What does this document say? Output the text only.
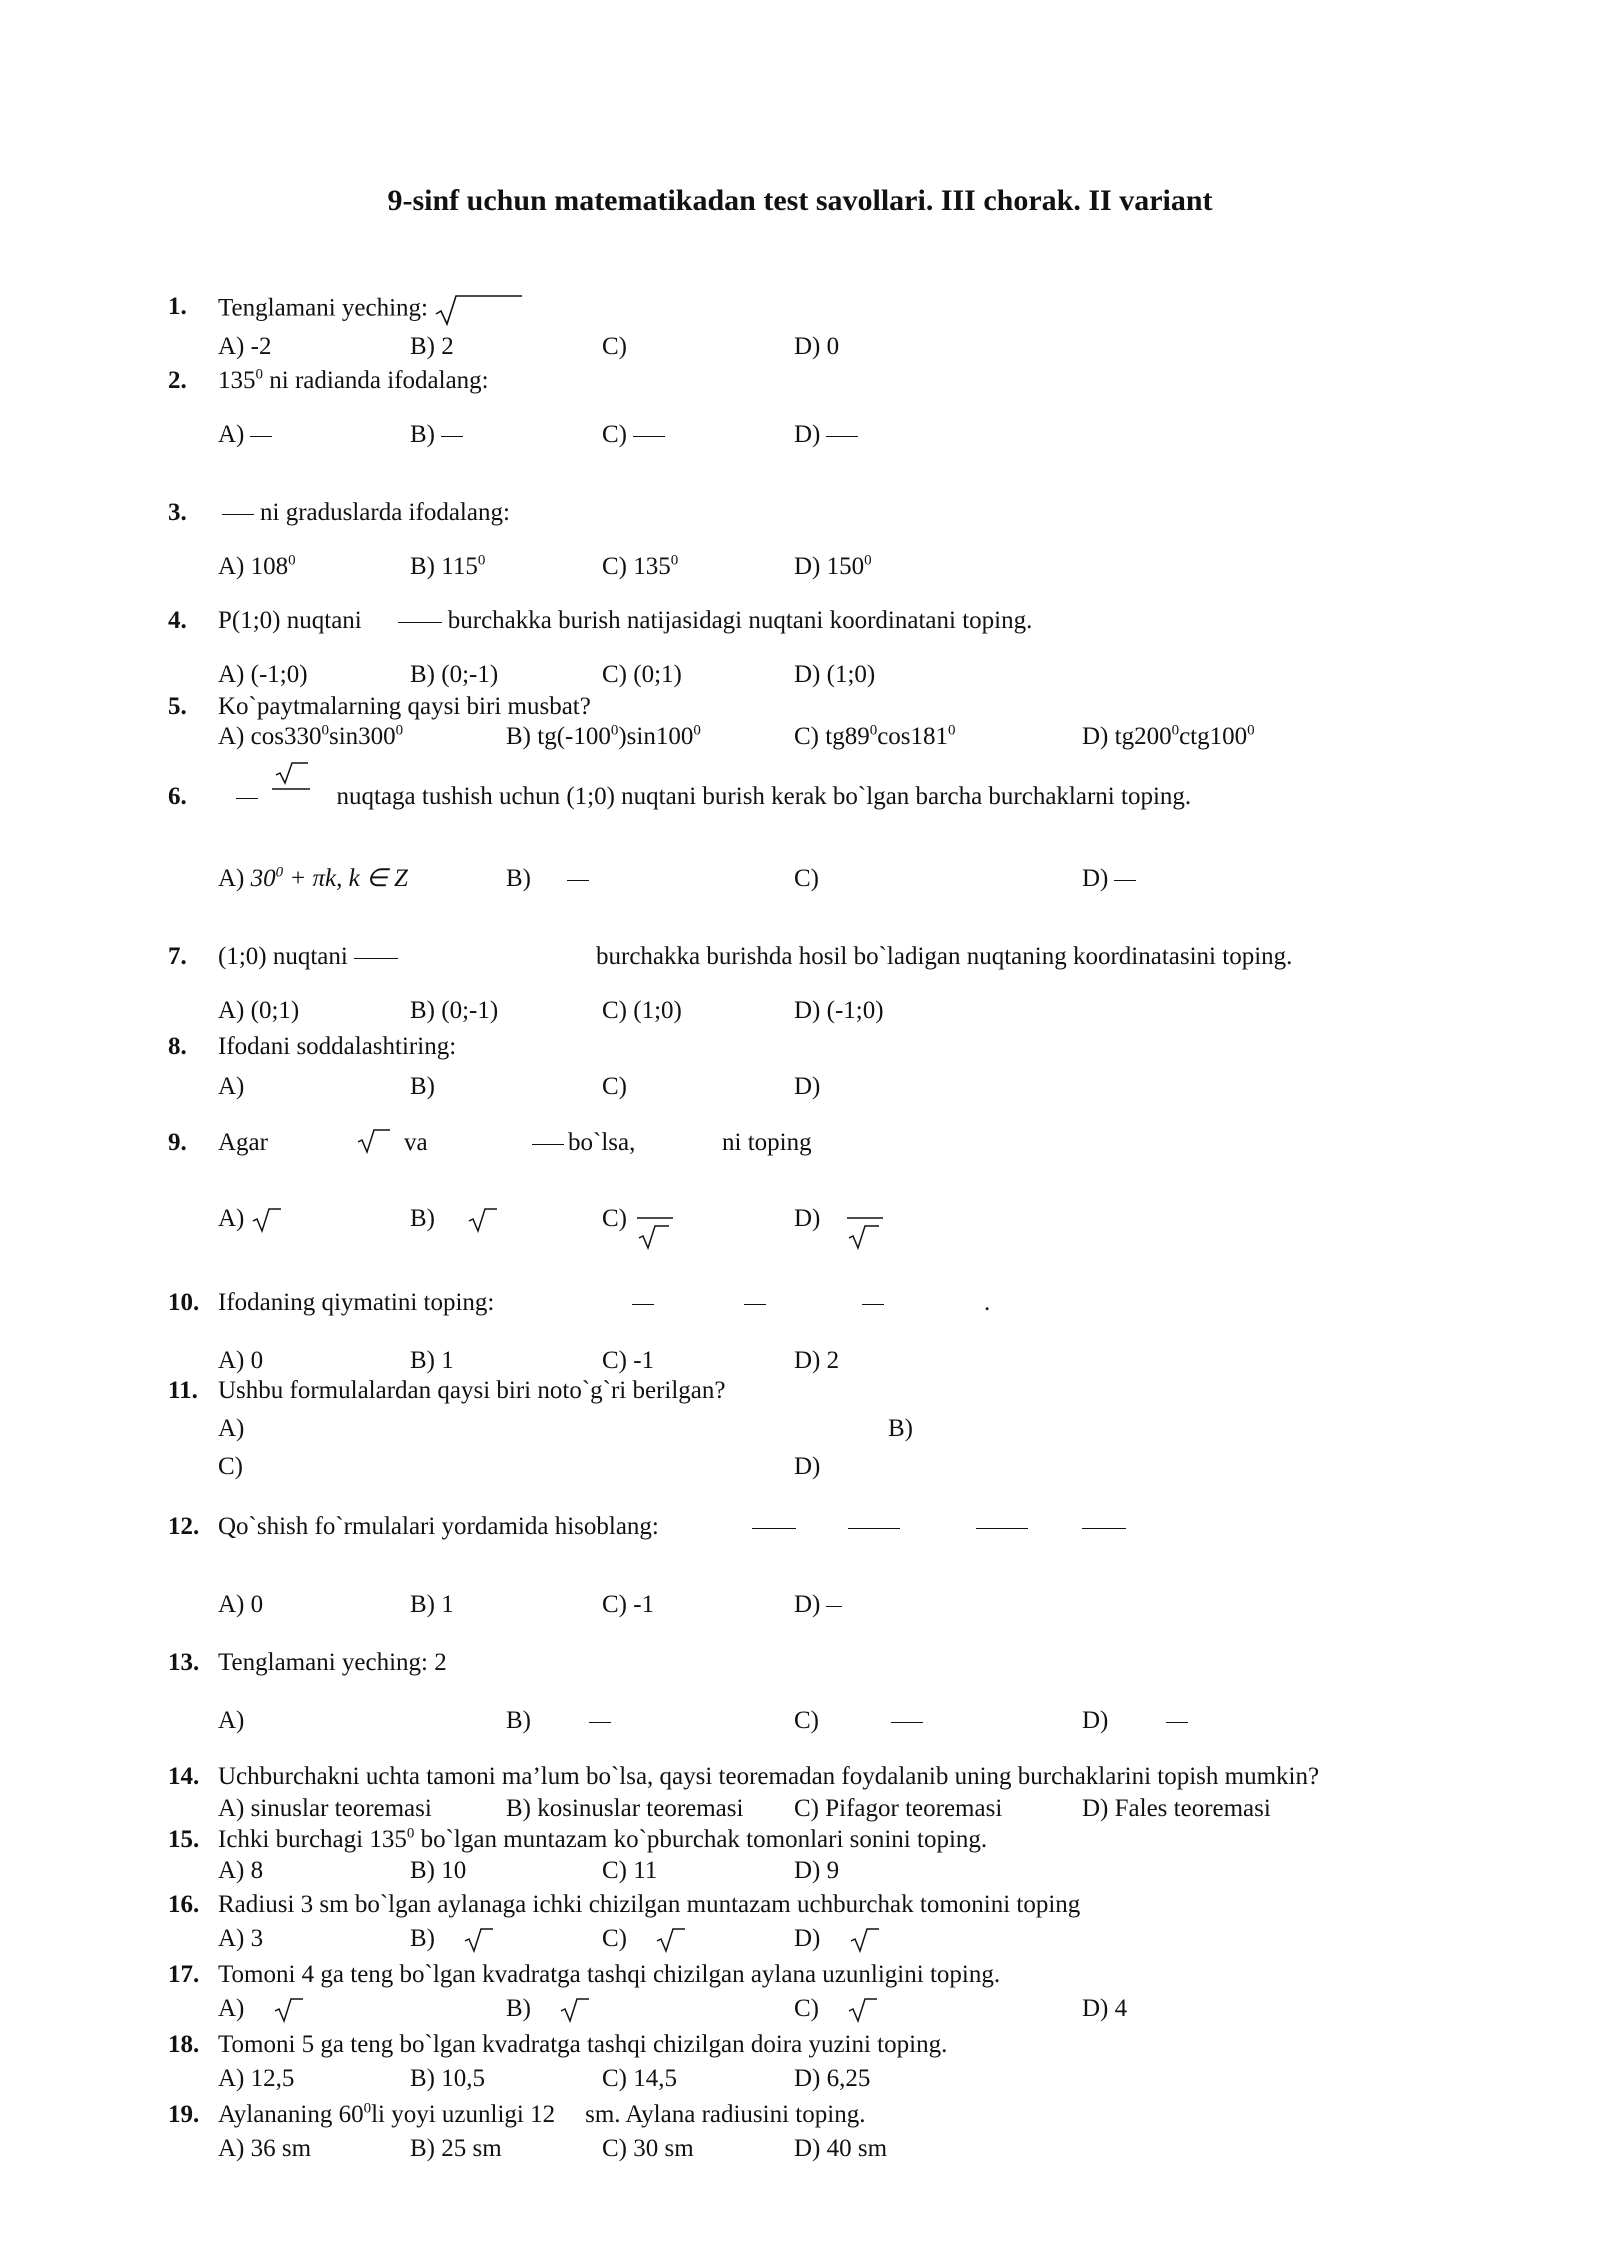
9-sinf uchun matematikadan test savollari. III chorak. II variant
1. Tenglamani yeching:
A) -2	B) 2	C)	D) 0
2. $135^0$ ni radianda ifodalang:
A)	B)	C)	D)
3.	ni graduslarda ifodalang:
A) $108^0$	B) $115^0$	C) $135^0$	D) $150^0$
4. P(1;0) nuqtani	burchakka burish natijasidagi nuqtani koordinatani toping.
A) (-1;0)	B) (0;-1)	C) (0;1)	D) (1;0)
5. Ko`paytmalarning qaysi biri musbat?
A) $\cos 330^0\sin 300^0$	B) $tg(-100^0)\sin 100^0$	C) $tg89^0\cos 181^0$	D) $tg200^0ctg100^0$
6.
	nuqtaga tushish uchun (1;0) nuqtani burish kerak bo`lgan barcha burchaklarni toping.
A) $30^0 + \pi k$, k ∈ Z	B)	C)	D)
7. (1;0) nuqtani	burchakka burishda hosil bo`ladigan nuqtaning koordinatasini toping.
A) (0;1)	B) (0;-1)	C) (1;0)	D) (-1;0)
8. Ifodani soddalashtiring:
A)	B)	C)	D)
9. Agar	va	bo`lsa,	ni toping
A)	B)	C)	D)
10. Ifodaning qiymatini toping:	.
A) 0	B) 1	C) -1	D) 2
11. Ushbu formulalardan qaysi biri noto`g`ri berilgan?
A)	B)
C)	D)
12. Qo`shish fo`rmulalari yordamida hisoblang:
A) 0	B) 1	C) -1	D)
13. Tenglamani yeching: 2
A)	B)	C)	D)
14. Uchburchakni uchta tamoni ma’lum bo`lsa, qaysi teoremadan foydalanib uning burchaklarini topish mumkin?
A) sinuslar teoremasi	B) kosinuslar teoremasi C) Pifagor teoremasi	D) Fales teoremasi
15. Ichki burchagi $135^0$ bo`lgan muntazam ko`pburchak tomonlari sonini toping.
A) 8	B) 10	C) 11	D) 9
16. Radiusi 3 sm bo`lgan aylanaga ichki chizilgan muntazam uchburchak tomonini toping
A) 3	B)	C)	D)
17. Tomoni 4 ga teng bo`lgan kvadratga tashqi chizilgan aylana uzunligini toping.
A)	B)	C)	D) 4
18. Tomoni 5 ga teng bo`lgan kvadratga tashqi chizilgan doira yuzini toping.
A) 12,5	B) 10,5	C) 14,5	D) 6,25
19. Aylananing $60^0li$ yoyi uzunligi 12 sm. Aylana radiusini toping.
A) 36 sm	B) 25 sm	C) 30 sm	D) 40 sm
